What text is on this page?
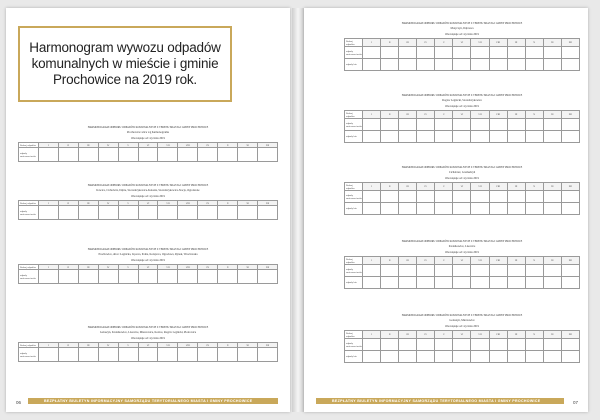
Harmonogram wywozu odpadów komunalnych w mieście i gminie Prochowice na 2019 rok.
HARMONOGRAM ODBIORU ODPADÓW KOMUNALNYCH Z TERENU MIASTA I GMINY PROCHOWICE
Prochowice: ulice wg harmonogramu
Obowiązuje od: stycznia 2019
Rodzaj odpadów	I	II	III	IV	V	VI	VII	VIII	IX	X	XI	XII
odpady zmieszane/suche												
HARMONOGRAM ODBIORU ODPADÓW KOMUNALNYCH Z TERENU MIASTA I GMINY PROCHOWICE
Kawice, Cichobórz, Dąbie, Szczedrzykowice-Kolonia, Szczedrzykowice-Stacja, Ogrodzone
Obowiązuje od: stycznia 2019
Rodzaj odpadów	I	II	III	IV	V	VI	VII	VIII	IX	X	XI	XII
odpady zmieszane/suche												
HARMONOGRAM ODBIORU ODPADÓW KOMUNALNYCH Z TERENU MIASTA I GMINY PROCHOWICE
Prochowice, ulice: Legnicka, Lipowa, Polna, Kolejowa, Ogrodowa, Rynek, Wrocławska
Obowiązuje od: stycznia 2019
Rodzaj odpadów	I	II	III	IV	V	VI	VII	VIII	IX	X	XI	XII
odpady zmieszane/suche												
HARMONOGRAM ODBIORU ODPADÓW KOMUNALNYCH Z TERENU MIASTA I GMINY PROCHOWICE
Golaszyn, Kwiatkowice, Lisowice, Mierzowice, Kozice, Rogów Legnicki, Piotrowice
Obowiązuje od: stycznia 2019
Rodzaj odpadów	I	II	III	IV	V	VI	VII	VIII	IX	X	XI	XII
odpady zmieszane/suche												
BEZPŁATNY BIULETYN INFORMACYJNY SAMORZĄDU TERYTORIALNEGO MIASTA I GMINY PROCHOWICE
06
HARMONOGRAM ODBIORU ODPADÓW KOMUNALNYCH Z TERENU MIASTA I GMINY PROCHOWICE
Motyczyn, Dąbrowa
Obowiązuje od: stycznia 2019
Rodzaj odpadów	I	II	III	IV	V	VI	VII	VIII	IX	X	XI	XII
odpady zmieszane/suche												
odpady bio												
HARMONOGRAM ODBIORU ODPADÓW KOMUNALNYCH Z TERENU MIASTA I GMINY PROCHOWICE
Rogów Legnicki, Szczedrzykowice
Obowiązuje od: stycznia 2019
Rodzaj odpadów	I	II	III	IV	V	VI	VII	VIII	IX	X	XI	XII
odpady zmieszane/suche												
odpady bio												
HARMONOGRAM ODBIORU ODPADÓW KOMUNALNYCH Z TERENU MIASTA I GMINY PROCHOWICE
Cichobórz, Gromadzyń
Obowiązuje od: stycznia 2019
Rodzaj odpadów	I	II	III	IV	V	VI	VII	VIII	IX	X	XI	XII
odpady zmieszane/suche												
odpady bio												
HARMONOGRAM ODBIORU ODPADÓW KOMUNALNYCH Z TERENU MIASTA I GMINY PROCHOWICE
Kwiatkowice, Lisowice
Obowiązuje od: stycznia 2019
Rodzaj odpadów	I	II	III	IV	V	VI	VII	VIII	IX	X	XI	XII
odpady zmieszane/suche												
odpady bio												
HARMONOGRAM ODBIORU ODPADÓW KOMUNALNYCH Z TERENU MIASTA I GMINY PROCHOWICE
Golaszyn, Mierzowice
Obowiązuje od: stycznia 2019
Rodzaj odpadów	I	II	III	IV	V	VI	VII	VIII	IX	X	XI	XII
odpady zmieszane/suche												
odpady bio												
BEZPŁATNY BIULETYN INFORMACYJNY SAMORZĄDU TERYTORIALNEGO MIASTA I GMINY PROCHOWICE	07
